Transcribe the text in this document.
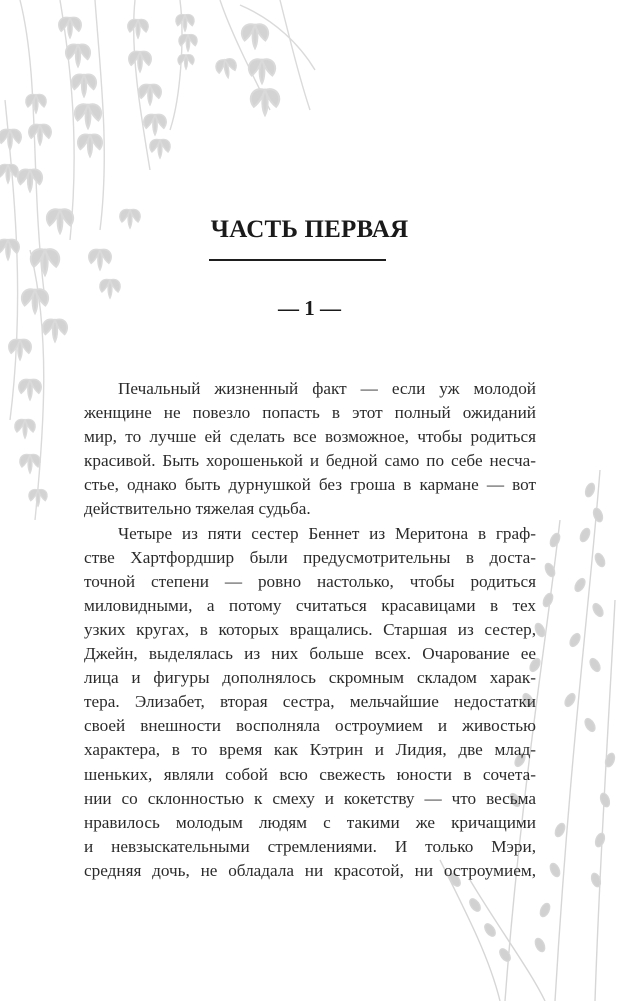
ЧАСТЬ ПЕРВАЯ
— 1 —
Печальный жизненный факт — если уж молодой
женщине не повезло попасть в этот полный ожиданий
мир, то лучше ей сделать все возможное, чтобы родиться
красивой. Быть хорошенькой и бедной само по себе несча-
стье, однако быть дурнушкой без гроша в кармане — вот
действительно тяжелая судьба.
Четыре из пяти сестер Беннет из Меритона в граф-
стве Хартфордшир были предусмотрительны в доста-
точной степени — ровно настолько, чтобы родиться
миловидными, а потому считаться красавицами в тех
узких кругах, в которых вращались. Старшая из сестер,
Джейн, выделялась из них больше всех. Очарование ее
лица и фигуры дополнялось скромным складом харак-
тера. Элизабет, вторая сестра, мельчайшие недостатки
своей внешности восполняла остроумием и живостью
характера, в то время как Кэтрин и Лидия, две млад-
шеньких, являли собой всю свежесть юности в сочета-
нии со склонностью к смеху и кокетству — что весьма
нравилось молодым людям с такими же кричащими
и невзыскательными стремлениями. И только Мэри,
средняя дочь, не обладала ни красотой, ни остроумием,
